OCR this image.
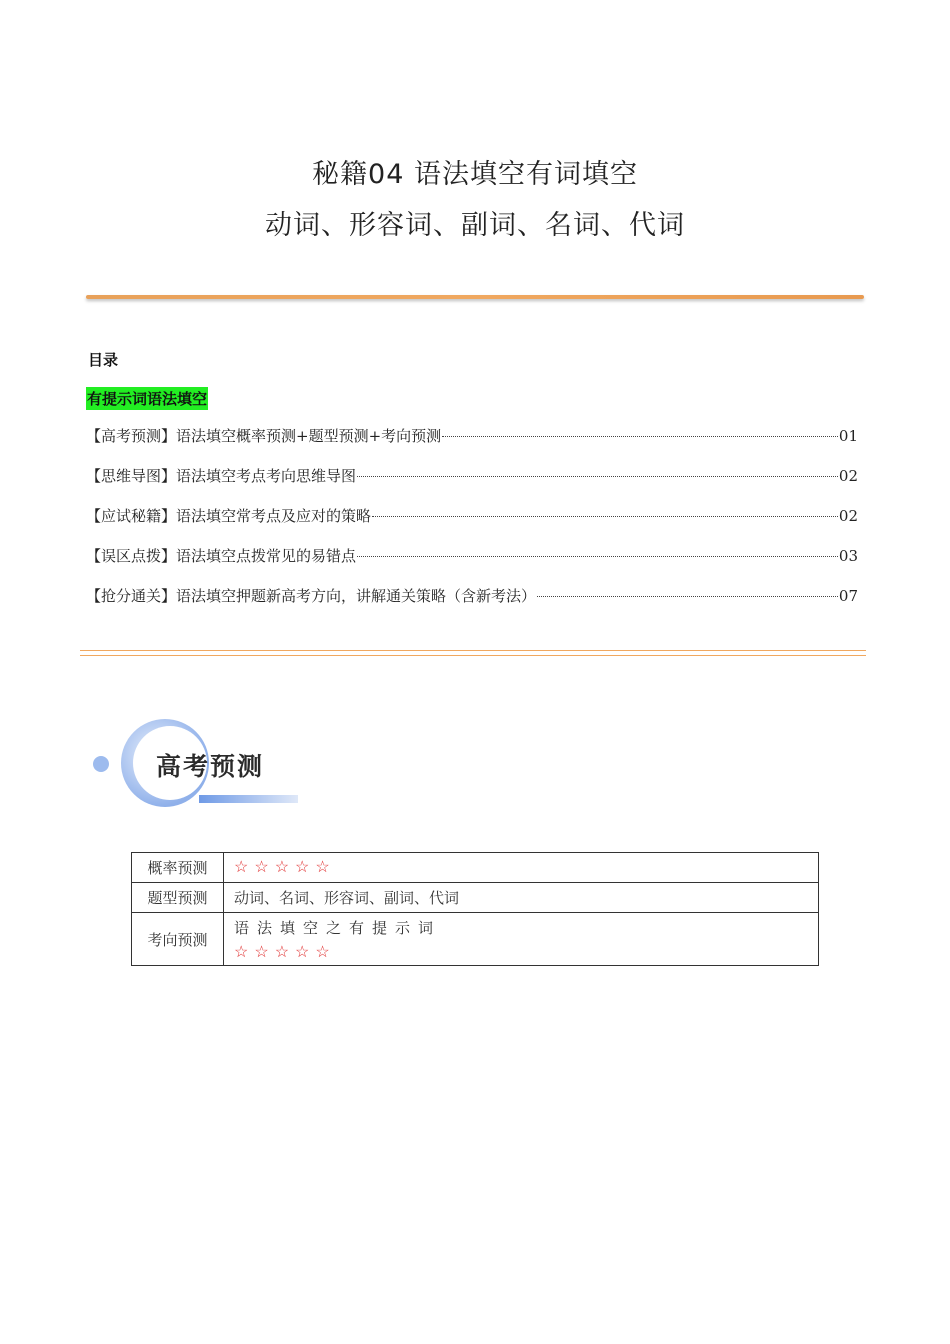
秘籍04 语法填空有词填空
动词、形容词、副词、名词、代词
目录
有提示词语法填空
【高考预测】语法填空概率预测+题型预测+考向预测	01
【思维导图】语法填空考点考向思维导图	02
【应试秘籍】语法填空常考点及应对的策略	02
【误区点拨】语法填空点拨常见的易错点	03
【抢分通关】语法填空押题新高考方向，讲解通关策略（含新考法）	07
高考预测
概率预测	☆☆☆☆☆
题型预测	动词、名词、形容词、副词、代词
考向预测	语法填空之有提示词
☆☆☆☆☆
